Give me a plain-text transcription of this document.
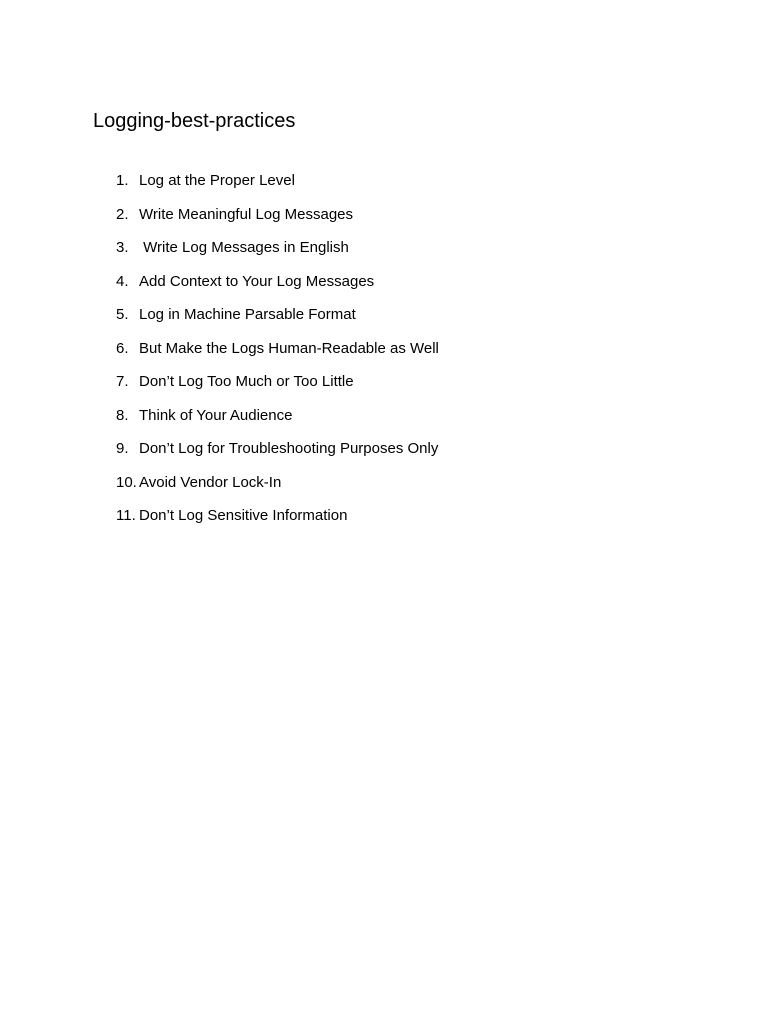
Logging-best-practices
1. Log at the Proper Level
2. Write Meaningful Log Messages
3. Write Log Messages in English
4. Add Context to Your Log Messages
5. Log in Machine Parsable Format
6. But Make the Logs Human-Readable as Well
7. Don’t Log Too Much or Too Little
8. Think of Your Audience
9. Don’t Log for Troubleshooting Purposes Only
10. Avoid Vendor Lock-In
11. Don’t Log Sensitive Information
